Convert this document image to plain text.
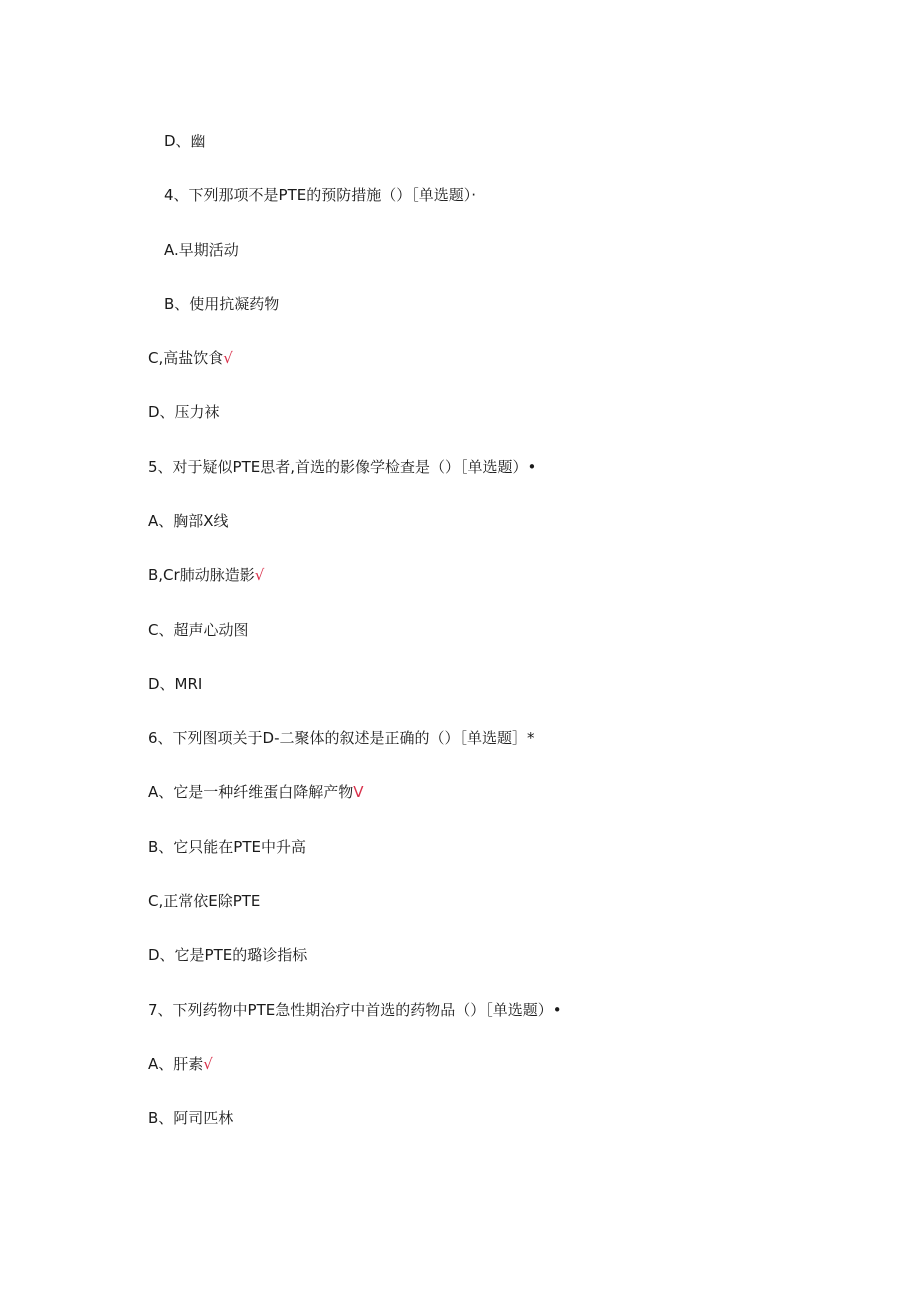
D、幽
4、下列那项不是PTE的预防措施（）［单选题）·
A.早期活动
B、使用抗凝药物
C,高盐饮食√
D、压力袜
5、对于疑似PTE思者,首选的影像学检查是（）［单选题）•
A、胸部X线
B,Cr肺动脉造影√
C、超声心动图
D、MRI
6、下列图项关于D-二聚体的叙述是正确的（）［单选题］*
A、它是一种纤维蛋白降解产物V
B、它只能在PTE中升高
C,正常依E除PTE
D、它是PTE的璐诊指标
7、下列药物中PTE急性期治疗中首选的药物品（）［单选题）•
A、肝素√
B、阿司匹林
